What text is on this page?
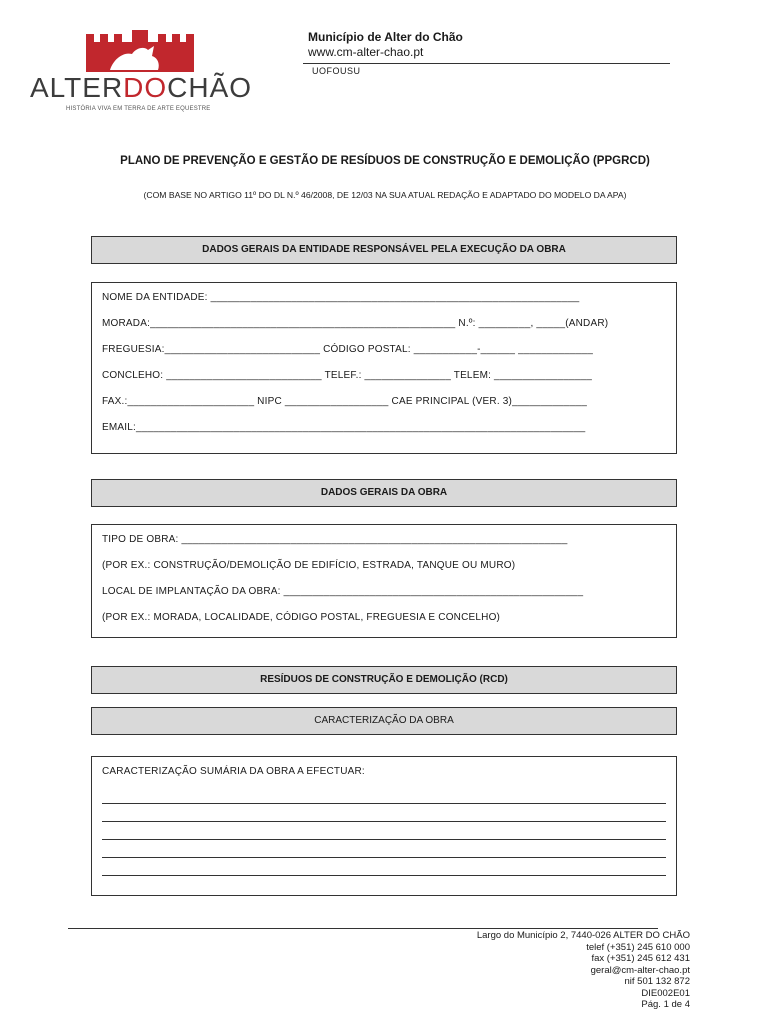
ALTERDOCHÃO
HISTÓRIA VIVA EM TERRA DE ARTE EQUESTRE
Município de Alter do Chão
www.cm-alter-chao.pt
UOFOUSU
PLANO DE PREVENÇÃO E GESTÃO DE RESÍDUOS DE CONSTRUÇÃO E DEMOLIÇÃO (PPGRCD)
(COM BASE NO ARTIGO 11º DO DL N.º 46/2008, DE 12/03 NA SUA ATUAL REDAÇÃO E ADAPTADO DO MODELO DA APA)
DADOS GERAIS DA ENTIDADE RESPONSÁVEL PELA EXECUÇÃO DA OBRA
NOME DA ENTIDADE: ________________________________________________________________
MORADA:_____________________________________________________ N.º: _________, _____(ANDAR)
FREGUESIA:___________________________ CÓDIGO POSTAL: ___________-______ _____________
CONCLEHO: ___________________________ TELEF.: _______________ TELEM: _________________
FAX.:______________________ NIPC __________________ CAE PRINCIPAL (VER. 3)_____________
EMAIL:______________________________________________________________________________
DADOS GERAIS DA OBRA
TIPO DE OBRA: ___________________________________________________________________
(POR EX.: CONSTRUÇÃO/DEMOLIÇÃO DE EDIFÍCIO, ESTRADA, TANQUE OU MURO)
LOCAL DE IMPLANTAÇÃO DA OBRA: ____________________________________________________
(POR EX.: MORADA, LOCALIDADE, CÓDIGO POSTAL, FREGUESIA E CONCELHO)
RESÍDUOS DE CONSTRUÇÃO E DEMOLIÇÃO (RCD)
CARACTERIZAÇÃO DA OBRA
CARACTERIZAÇÃO SUMÁRIA DA OBRA A EFECTUAR:
Largo do Município 2, 7440-026 ALTER DO CHÃO
telef (+351) 245 610 000
fax (+351) 245 612 431
geral@cm-alter-chao.pt
nif 501 132 872
DIE002E01
Pág. 1 de 4
